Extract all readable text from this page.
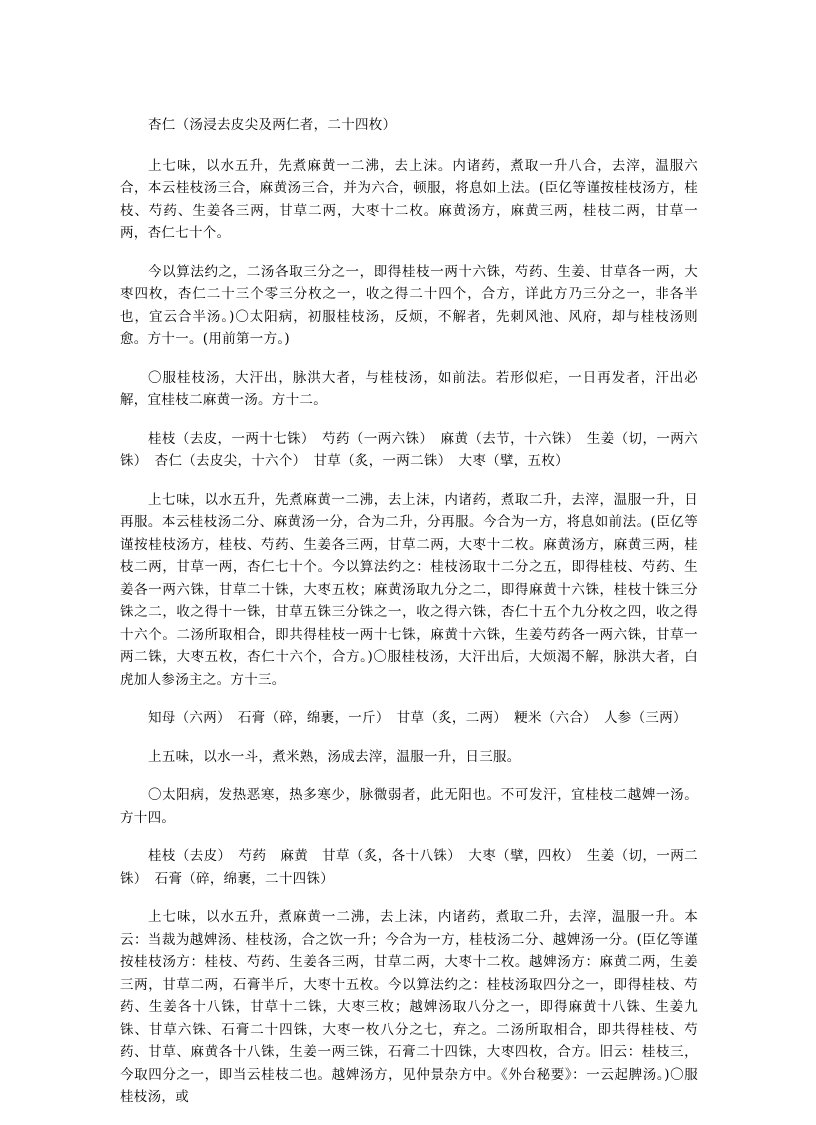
杏仁（汤浸去皮尖及两仁者，二十四枚）

上七味，以水五升，先煮麻黄一二沸，去上沫。内诸药，煮取一升八合，去滓，温服六合，本云桂枝汤三合，麻黄汤三合，并为六合，顿服，将息如上法。(臣亿等谨按桂枝汤方，桂枝、芍药、生姜各三两，甘草二两，大枣十二枚。麻黄汤方，麻黄三两，桂枝二两，甘草一两，杏仁七十个。

今以算法约之，二汤各取三分之一，即得桂枝一两十六铢，芍药、生姜、甘草各一两，大枣四枚，杏仁二十三个零三分枚之一，收之得二十四个，合方，详此方乃三分之一，非各半也，宜云合半汤。)〇太阳病，初服桂枝汤，反烦，不解者，先刺风池、风府，却与桂枝汤则愈。方十一。(用前第一方。)

〇服桂枝汤，大汗出，脉洪大者，与桂枝汤，如前法。若形似疟，一日再发者，汗出必解，宜桂枝二麻黄一汤。方十二。

桂枝（去皮，一两十七铢）　芍药（一两六铢）　麻黄（去节，十六铢）　生姜（切，一两六铢）　杏仁（去皮尖，十六个）　甘草（炙，一两二铢）　大枣（擘，五枚）

上七味，以水五升，先煮麻黄一二沸，去上沫，内诸药，煮取二升，去滓，温服一升，日再服。本云桂枝汤二分、麻黄汤一分，合为二升，分再服。今合为一方，将息如前法。(臣亿等谨按桂枝汤方，桂枝、芍药、生姜各三两，甘草二两，大枣十二枚。麻黄汤方，麻黄三两，桂枝二两，甘草一两，杏仁七十个。今以算法约之：桂枝汤取十二分之五，即得桂枝、芍药、生姜各一两六铢，甘草二十铢，大枣五枚；麻黄汤取九分之二，即得麻黄十六铢，桂枝十铢三分铢之二，收之得十一铢，甘草五铢三分铢之一，收之得六铢，杏仁十五个九分枚之四，收之得十六个。二汤所取相合，即共得桂枝一两十七铢，麻黄十六铢，生姜芍药各一两六铢，甘草一两二铢，大枣五枚，杏仁十六个，合方。)〇服桂枝汤，大汗出后，大烦渴不解，脉洪大者，白虎加人参汤主之。方十三。

知母（六两）　石膏（碎，绵裹，一斤）　甘草（炙，二两）　粳米（六合）　人参（三两）

上五味，以水一斗，煮米熟，汤成去滓，温服一升，日三服。

〇太阳病，发热恶寒，热多寒少，脉微弱者，此无阳也。不可发汗，宜桂枝二越婢一汤。方十四。

桂枝（去皮）　芍药　麻黄　甘草（炙，各十八铢）　大枣（擘，四枚）　生姜（切，一两二铢）　石膏（碎，绵裹，二十四铢）

上七味，以水五升，煮麻黄一二沸，去上沫，内诸药，煮取二升，去滓，温服一升。本云：当裁为越婢汤、桂枝汤，合之饮一升；今合为一方，桂枝汤二分、越婢汤一分。(臣亿等谨按桂枝汤方：桂枝、芍药、生姜各三两，甘草二两，大枣十二枚。越婢汤方：麻黄二两，生姜三两，甘草二两，石膏半斤，大枣十五枚。今以算法约之：桂枝汤取四分之一，即得桂枝、芍药、生姜各十八铢，甘草十二铢，大枣三枚；越婢汤取八分之一，即得麻黄十八铢、生姜九铢、甘草六铢、石膏二十四铢，大枣一枚八分之七，弃之。二汤所取相合，即共得桂枝、芍药、甘草、麻黄各十八铢，生姜一两三铢，石膏二十四铢，大枣四枚，合方。旧云：桂枝三，今取四分之一，即当云桂枝二也。越婢汤方，见仲景杂方中。《外台秘要》：一云起脾汤。)〇服桂枝汤，或
